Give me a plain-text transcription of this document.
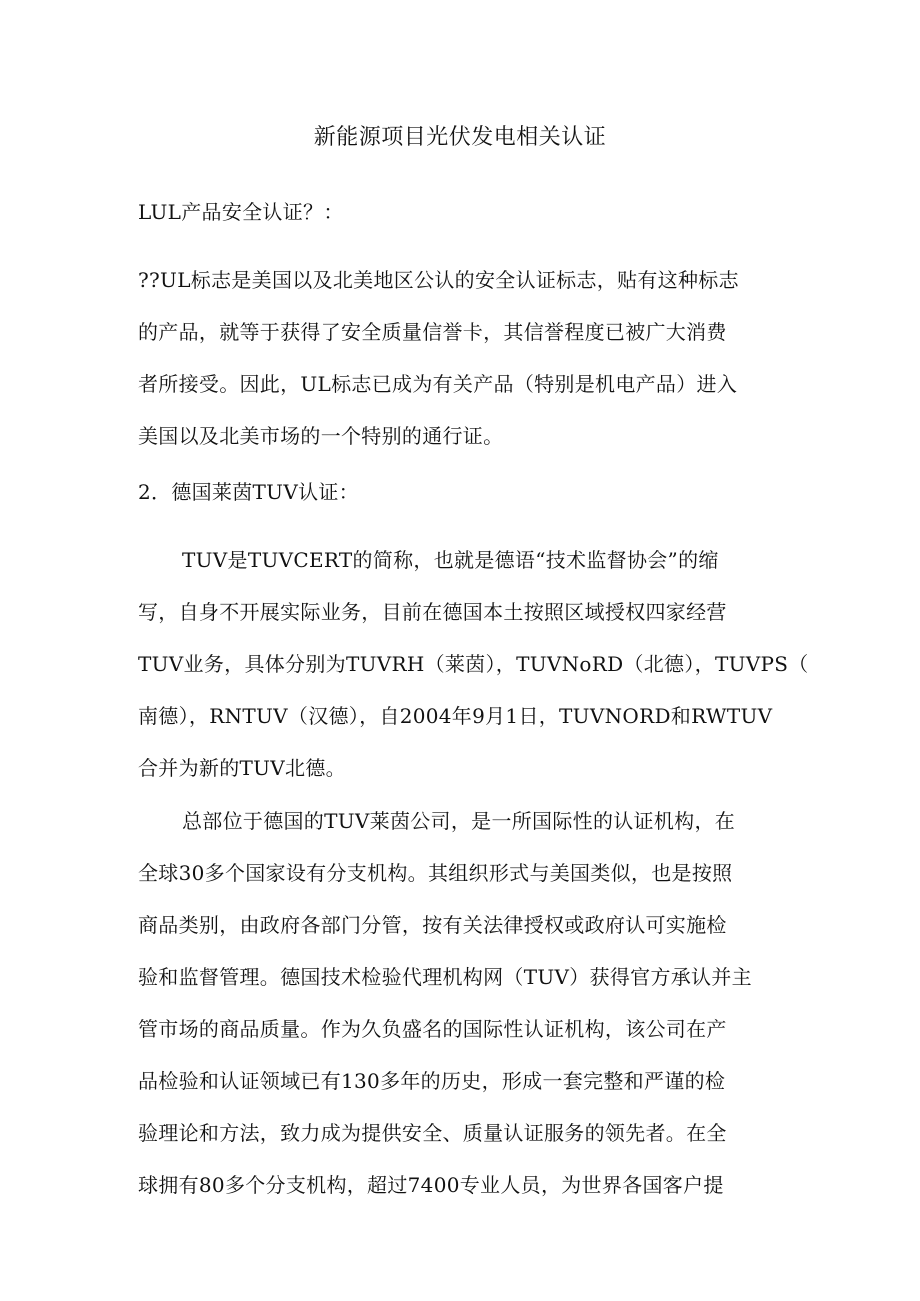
新能源项目光伏发电相关认证
LUL产品安全认证？：
??UL标志是美国以及北美地区公认的安全认证标志，贴有这种标志
的产品，就等于获得了安全质量信誉卡，其信誉程度已被广大消费
者所接受。因此，UL标志已成为有关产品（特别是机电产品）进入
美国以及北美市场的一个特别的通行证。
2．德国莱茵TUV认证：
TUV是TUVCERT的简称，也就是德语“技术监督协会”的缩
写，自身不开展实际业务，目前在德国本土按照区域授权四家经营
TUV业务，具体分别为TUVRH（莱茵），TUVNoRD（北德），TUVPS（
南德），RNTUV（汉德），自2004年9月1日，TUVNORD和RWTUV
合并为新的TUV北德。
总部位于德国的TUV莱茵公司，是一所国际性的认证机构，在
全球30多个国家设有分支机构。其组织形式与美国类似，也是按照
商品类别，由政府各部门分管，按有关法律授权或政府认可实施检
验和监督管理。德国技术检验代理机构网（TUV）获得官方承认并主
管市场的商品质量。作为久负盛名的国际性认证机构，该公司在产
品检验和认证领域已有130多年的历史，形成一套完整和严谨的检
验理论和方法，致力成为提供安全、质量认证服务的领先者。在全
球拥有80多个分支机构，超过7400专业人员，为世界各国客户提
